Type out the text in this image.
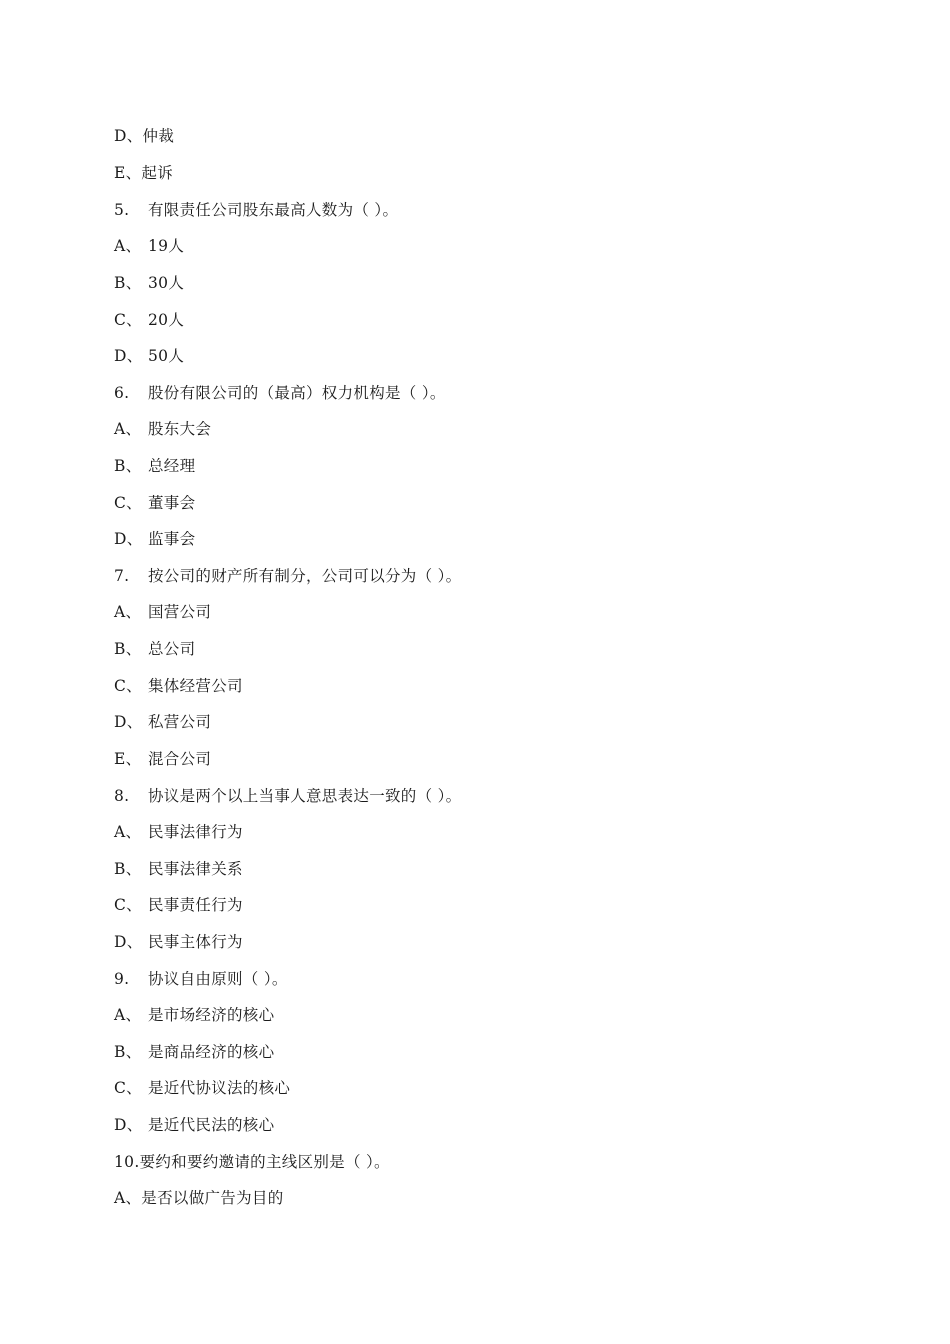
D、仲裁
E、起诉
5. 有限责任公司股东最高人数为（ ）。
A、 19人
B、 30人
C、 20人
D、 50人
6. 股份有限公司的（最高）权力机构是（ ）。
A、 股东大会
B、 总经理
C、 董事会
D、 监事会
7. 按公司的财产所有制分，公司可以分为（ ）。
A、 国营公司
B、 总公司
C、 集体经营公司
D、 私营公司
E、 混合公司
8. 协议是两个以上当事人意思表达一致的（ ）。
A、 民事法律行为
B、 民事法律关系
C、 民事责任行为
D、 民事主体行为
9. 协议自由原则（ ）。
A、 是市场经济的核心
B、 是商品经济的核心
C、 是近代协议法的核心
D、 是近代民法的核心
10.要约和要约邀请的主线区别是（ ）。
A、是否以做广告为目的
